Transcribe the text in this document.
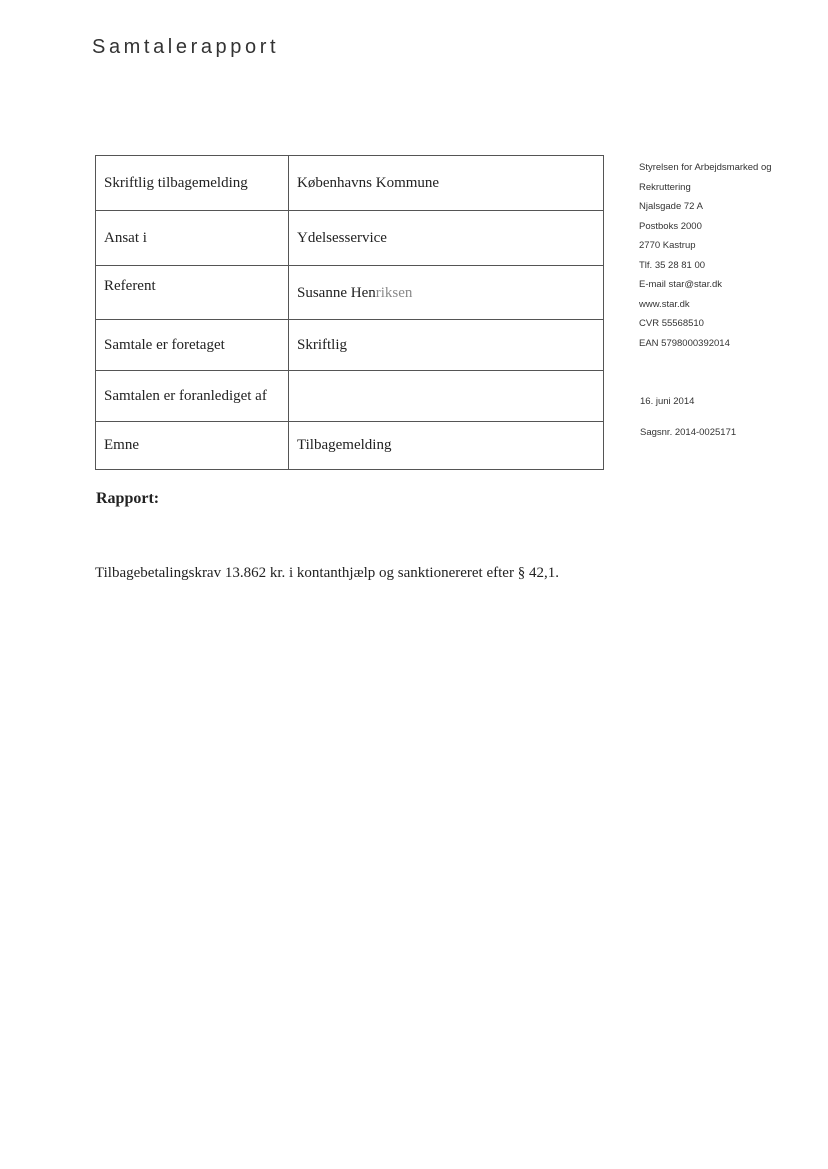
Samtalerapport
Skriftlig tilbagemelding	Københavns Kommune
Ansat i	Ydelsesservice
Referent	Susanne Henriksen
Samtale er foretaget	Skriftlig
Samtalen er foranlediget af	
Emne	Tilbagemelding
Styrelsen for Arbejdsmarked og
Rekruttering
Njalsgade 72 A
Postboks 2000
2770 Kastrup
Tlf. 35 28 81 00
E-mail star@star.dk
www.star.dk
CVR 55568510
EAN 5798000392014
16. juni 2014
Sagsnr. 2014-0025171
Rapport:

Tilbagebetalingskrav 13.862 kr. i kontanthjælp og sanktionereret efter § 42,1.
